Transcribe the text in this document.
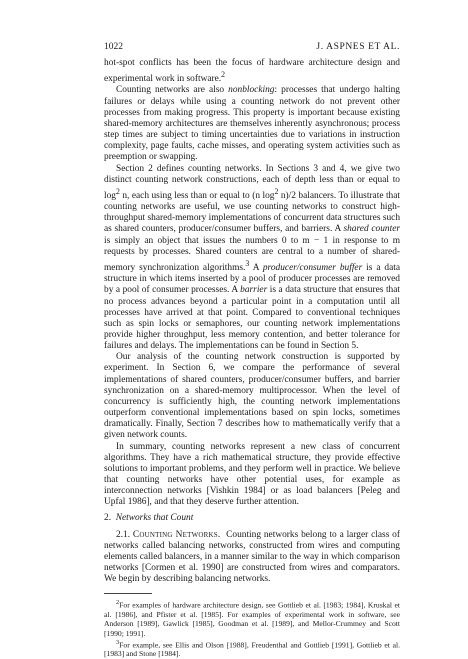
1022	J. ASPNES ET AL.

hot-spot conflicts has been the focus of hardware architecture design and experimental work in software.$^2$

Counting networks are also nonblocking: processes that undergo halting failures or delays while using a counting network do not prevent other processes from making progress. This property is important because existing shared-memory architectures are themselves inherently asynchronous; process step times are subject to timing uncertainties due to variations in instruction complexity, page faults, cache misses, and operating system activities such as preemption or swapping.

Section 2 defines counting networks. In Sections 3 and 4, we give two distinct counting network constructions, each of depth less than or equal to $\log^2 n$, each using less than or equal to (n $\log^2 n)/2$ balancers. To illustrate that counting networks are useful, we use counting networks to construct high-throughput shared-memory implementations of concurrent data structures such as shared counters, producer/consumer buffers, and barriers. A shared counter is simply an object that issues the numbers 0 to m − 1 in response to m requests by processes. Shared counters are central to a number of shared-memory synchronization algorithms.$^3$ A producer/consumer buffer is a data structure in which items inserted by a pool of producer processes are removed by a pool of consumer processes. A barrier is a data structure that ensures that no process advances beyond a particular point in a computation until all processes have arrived at that point. Compared to conventional techniques such as spin locks or semaphores, our counting network implementations provide higher throughput, less memory contention, and better tolerance for failures and delays. The implementations can be found in Section 5.

Our analysis of the counting network construction is supported by experiment. In Section 6, we compare the performance of several implementations of shared counters, producer/consumer buffers, and barrier synchronization on a shared-memory multiprocessor. When the level of concurrency is sufficiently high, the counting network implementations outperform conventional implementations based on spin locks, sometimes dramatically. Finally, Section 7 describes how to mathematically verify that a given network counts.

In summary, counting networks represent a new class of concurrent algorithms. They have a rich mathematical structure, they provide effective solutions to important problems, and they perform well in practice. We believe that counting networks have other potential uses, for example as interconnection networks [Vishkin 1984] or as load balancers [Peleg and Upfal 1986], and that they deserve further attention.

2. Networks that Count

2.1. Counting Networks. Counting networks belong to a larger class of networks called balancing networks, constructed from wires and computing elements called balancers, in a manner similar to the way in which comparison networks [Cormen et al. 1990] are constructed from wires and comparators. We begin by describing balancing networks.

$^2$For examples of hardware architecture design, see Gottlieb et al. [1983; 1984], Kruskal et al. [1986], and Pfister et al. [1985]. For examples of experimental work in software, see Anderson [1989], Gawlick [1985], Goodman et al. [1989], and Mellor-Crummey and Scott [1990; 1991].

$^3$For example, see Ellis and Olson [1988], Freudenthal and Gottlieb [1991], Gottlieb et al. [1983] and Stone [1984].
